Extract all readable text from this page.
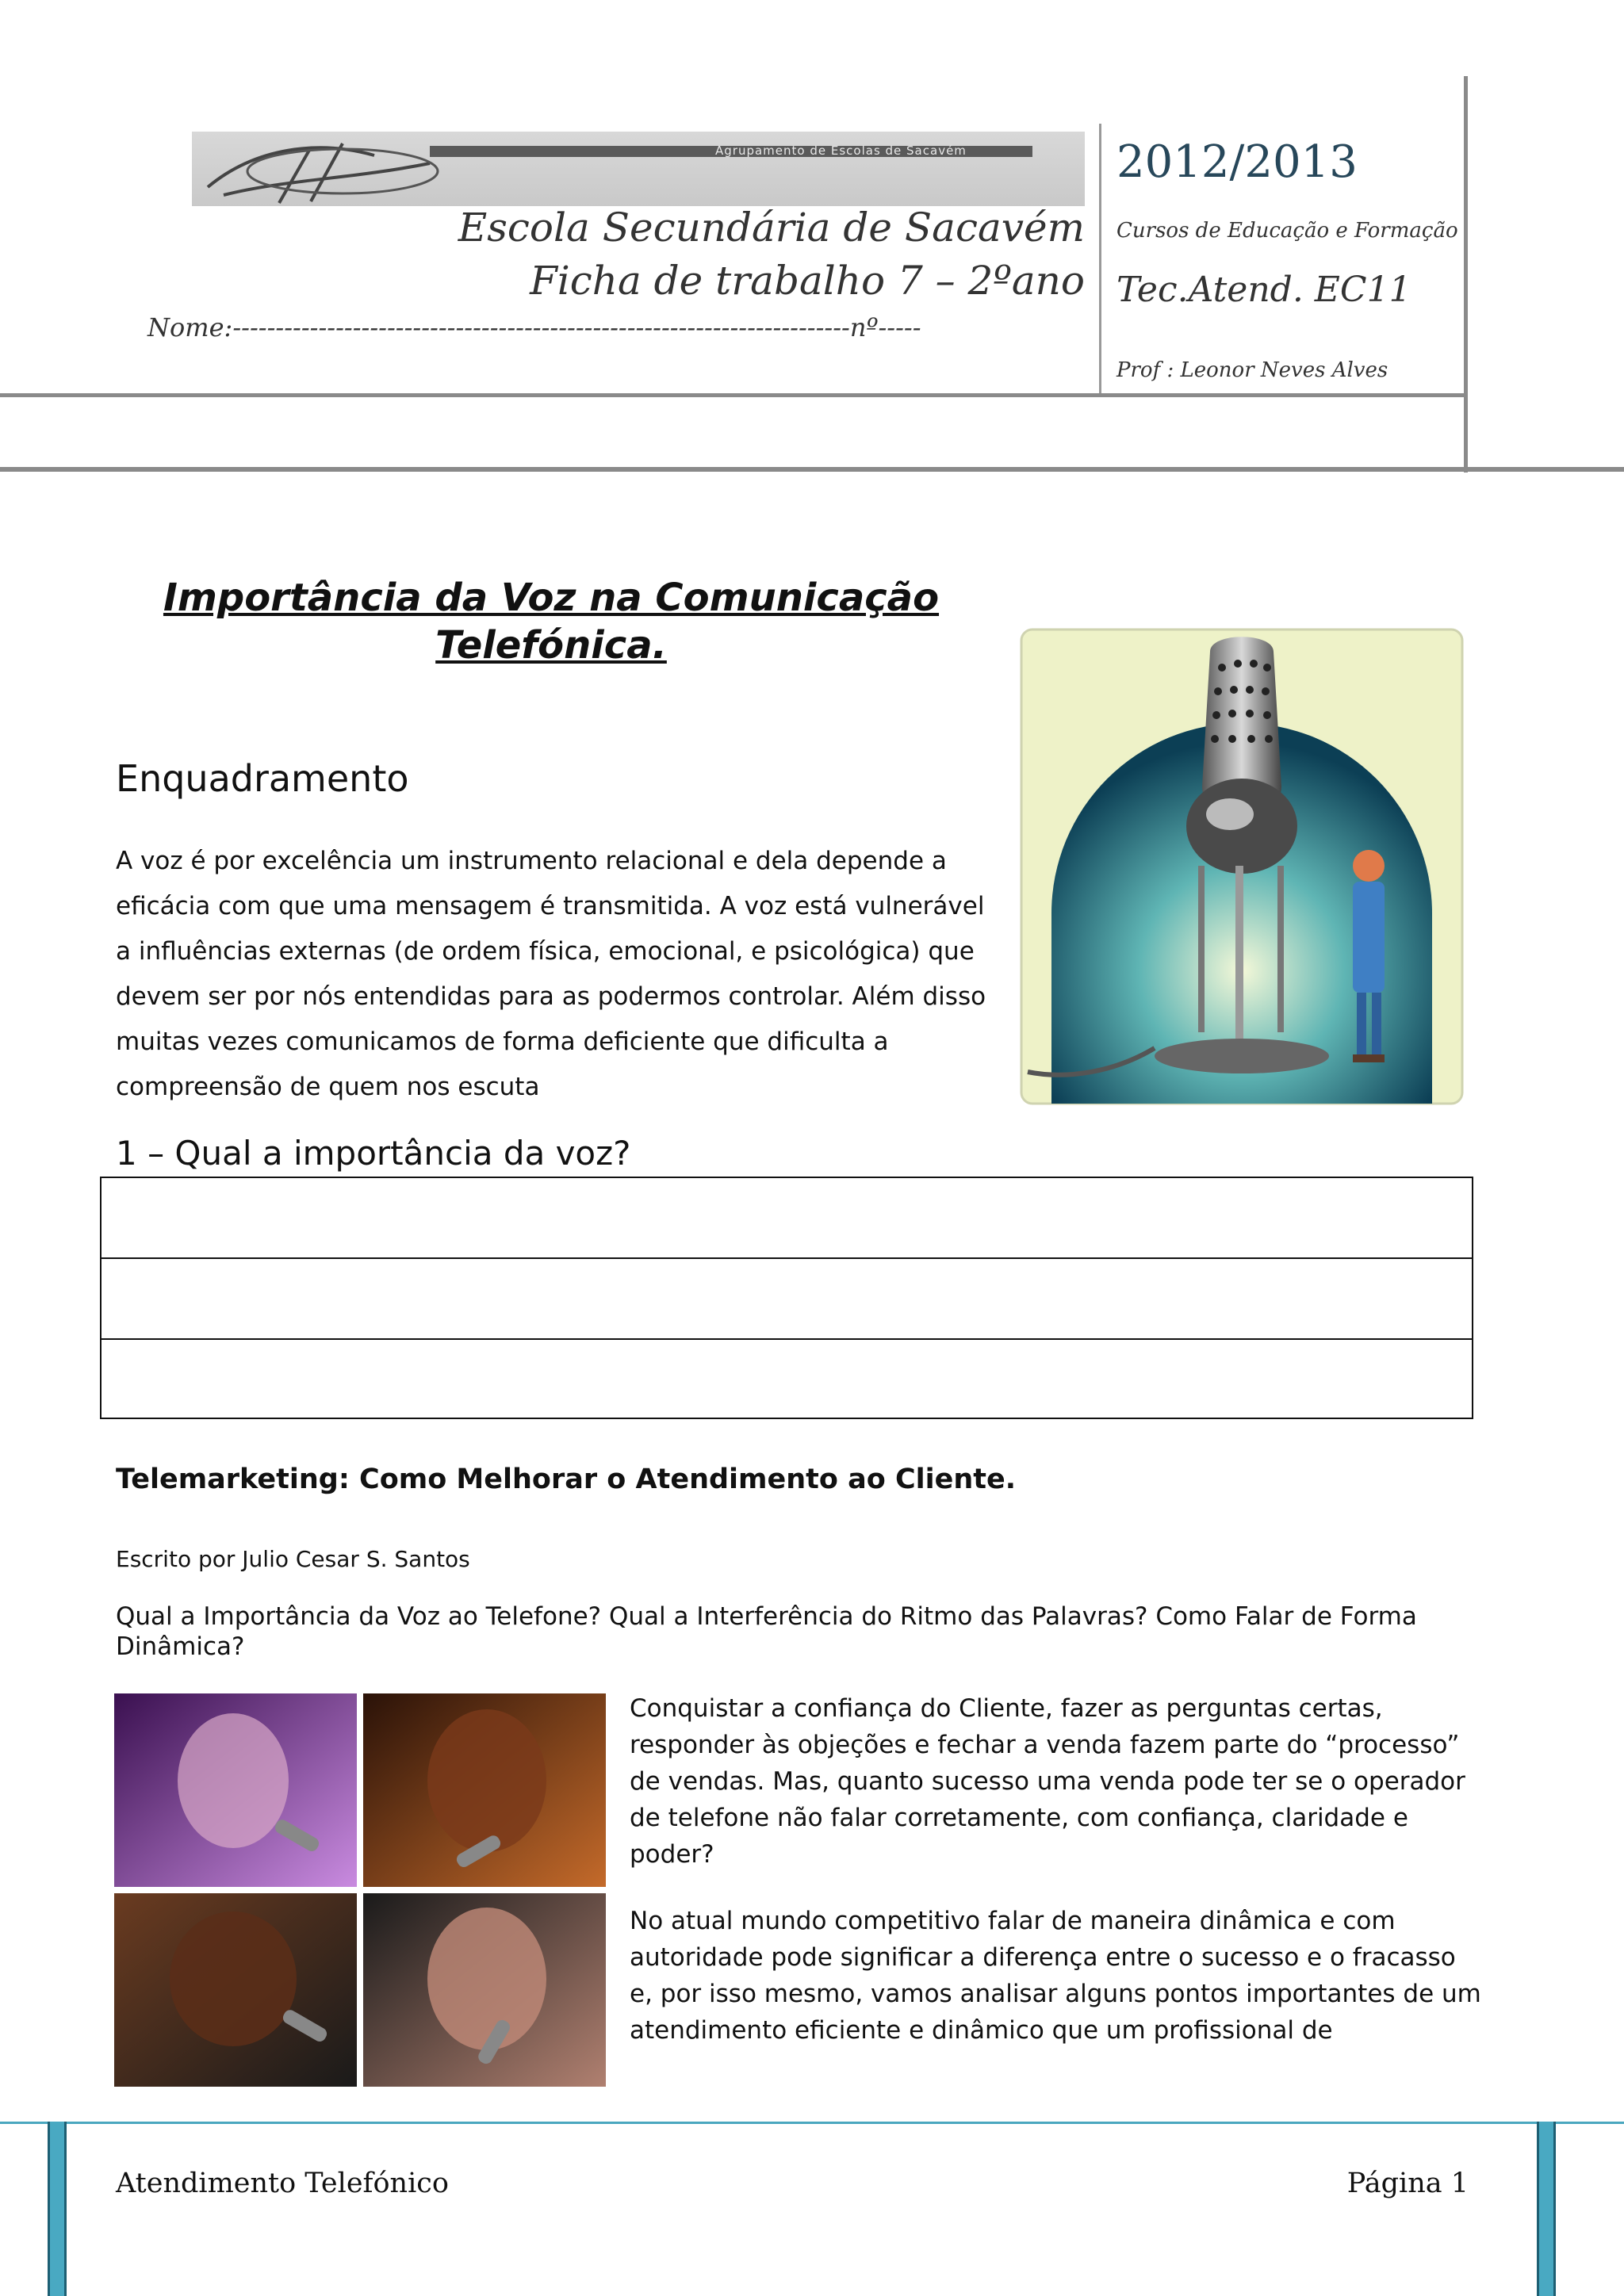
Agrupamento de Escolas de Sacavém
Escola Secundária de Sacavém
Ficha de trabalho 7 – 2ºano
Nome:------------------------------------------------------------------------nº-----
2012/2013
Cursos de Educação e Formação
Tec.Atend. EC11
Prof : Leonor Neves Alves
Importância da Voz na Comunicação
Telefónica.
Enquadramento
A voz é por excelência um instrumento relacional e dela depende a eficácia com que uma mensagem é transmitida. A voz está vulnerável a influências externas (de ordem física, emocional, e psicológica) que devem ser por nós entendidas para as podermos controlar. Além disso muitas vezes comunicamos de forma deficiente que dificulta a compreensão de quem nos escuta
1 – Qual a importância da voz?
Telemarketing: Como Melhorar o Atendimento ao Cliente.
Escrito por Julio Cesar S. Santos
Qual a Importância da Voz ao Telefone? Qual a Interferência do Ritmo das Palavras? Como Falar de Forma Dinâmica?
Conquistar a confiança do Cliente, fazer as perguntas certas, responder às objeções e fechar a venda fazem parte do “processo” de vendas. Mas, quanto sucesso uma venda pode ter se o operador de telefone não falar corretamente, com confiança, claridade e poder?
No atual mundo competitivo falar de maneira dinâmica e com autoridade pode significar a diferença entre o sucesso e o fracasso e, por isso mesmo, vamos analisar alguns pontos importantes de um atendimento eficiente e dinâmico que um profissional de
Atendimento Telefónico	Página 1
